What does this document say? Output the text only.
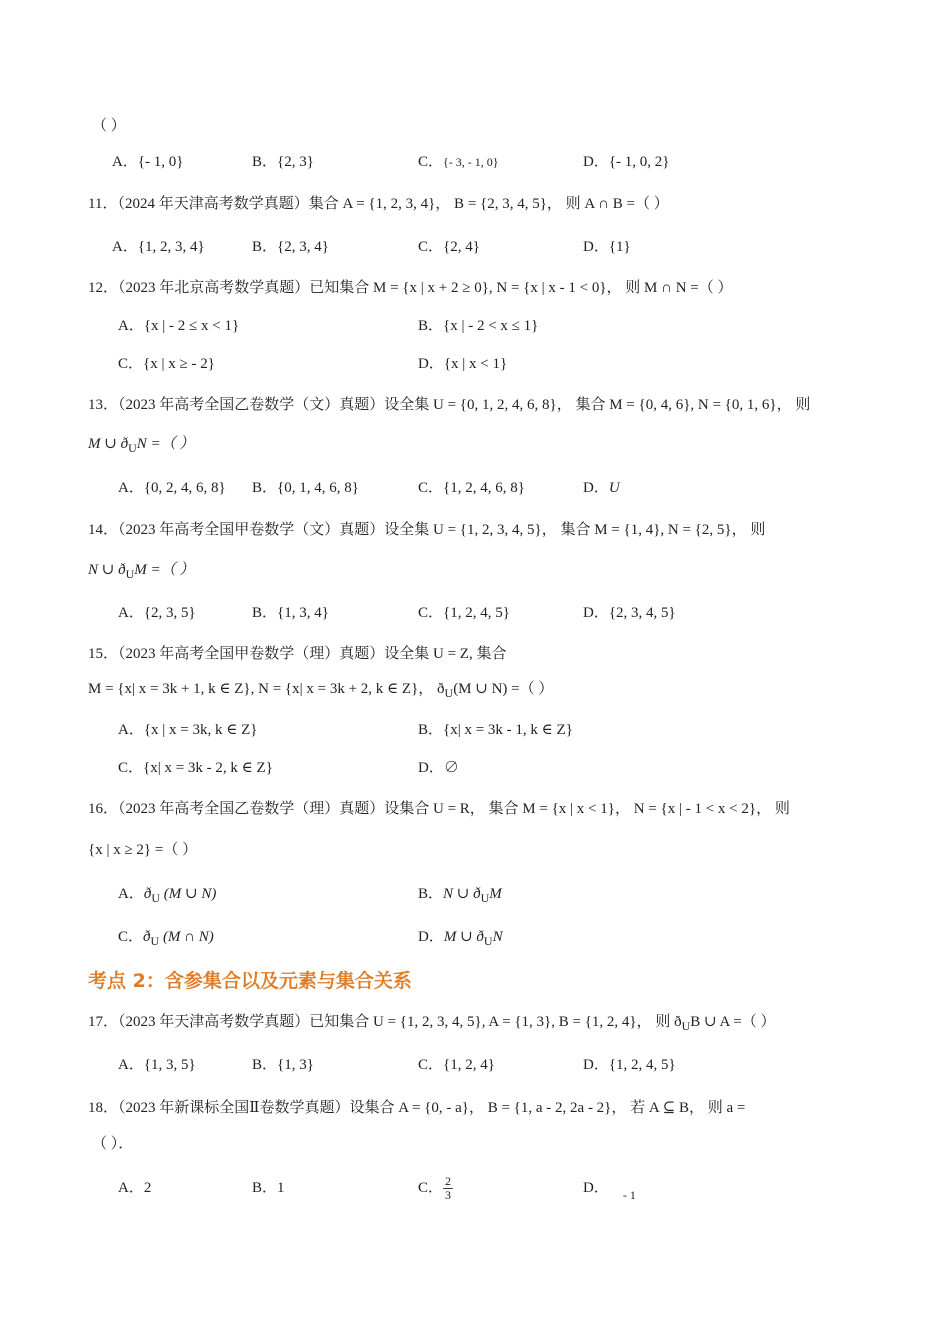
（ ）
A．{- 1, 0}	B．{2, 3}	C．{- 3, - 1, 0}	D．{- 1, 0, 2}
11．（2024 年天津高考数学真题）集合 A = {1, 2, 3, 4}， B = {2, 3, 4, 5}， 则 A ∩ B =（ ）
A．{1, 2, 3, 4}	B．{2, 3, 4}	C．{2, 4}	D．{1}
12．（2023 年北京高考数学真题）已知集合 M = {x | x + 2 ≥ 0}, N = {x | x - 1 < 0}， 则 M ∩ N =（ ）
A．{x | - 2 ≤ x < 1}	B．{x | - 2 < x ≤ 1}
C．{x | x ≥ - 2}	D．{x | x < 1}
13．（2023 年高考全国乙卷数学（文）真题）设全集 U = {0, 1, 2, 4, 6, 8}， 集合 M = {0, 4, 6}, N = {0, 1, 6}， 则
M ∪ $ð_UN$ =（ ）
A．{0, 2, 4, 6, 8} B．{0, 1, 4, 6, 8}	C．{1, 2, 4, 6, 8}	D．U
14．（2023 年高考全国甲卷数学（文）真题）设全集 U = {1, 2, 3, 4, 5}， 集合 M = {1, 4}, N = {2, 5}， 则
N ∪ $ð_UM$ =（ ）
A．{2, 3, 5}	B．{1, 3, 4}	C．{1, 2, 4, 5}	D．{2, 3, 4, 5}
15．（2023 年高考全国甲卷数学（理）真题）设全集 U = Z, 集合
M = {x| x = 3k + 1, k ∈ Z}, N = {x| x = 3k + 2, k ∈ Z}， $ð_U(M$ ∪ N) =（ ）
A．{x | x = 3k, k ∈ Z}	B．{x| x = 3k - 1, k ∈ Z}
C．{x| x = 3k - 2, k ∈ Z}	D．∅
16．（2023 年高考全国乙卷数学（理）真题）设集合 U = R， 集合 M = {x | x < 1}， N = {x | - 1 < x < 2}， 则
{x | x ≥ 2} =（ ）
A．$ð_U$ (M ∪ N)	B．N ∪ $ð_UM$
C．$ð_U$ (M ∩ N)	D．M ∪ $ð_UN$
考点 2：含参集合以及元素与集合关系
17．（2023 年天津高考数学真题）已知集合 U = {1, 2, 3, 4, 5}, A = {1, 3}, B = {1, 2, 4}， 则 $ð_UB$ ∪ A =（ ）
A．{1, 3, 5}	B．{1, 3}	C．{1, 2, 4}	D．{1, 2, 4, 5}
18．（2023 年新课标全国Ⅱ卷数学真题）设集合 A = {0, - a}， B = {1, a - 2, 2a - 2}， 若 A ⊆ B， 则 a =
（ ）．
A．2	B．1	C． $\frac{2}{3}$	D． $_{- 1}$
